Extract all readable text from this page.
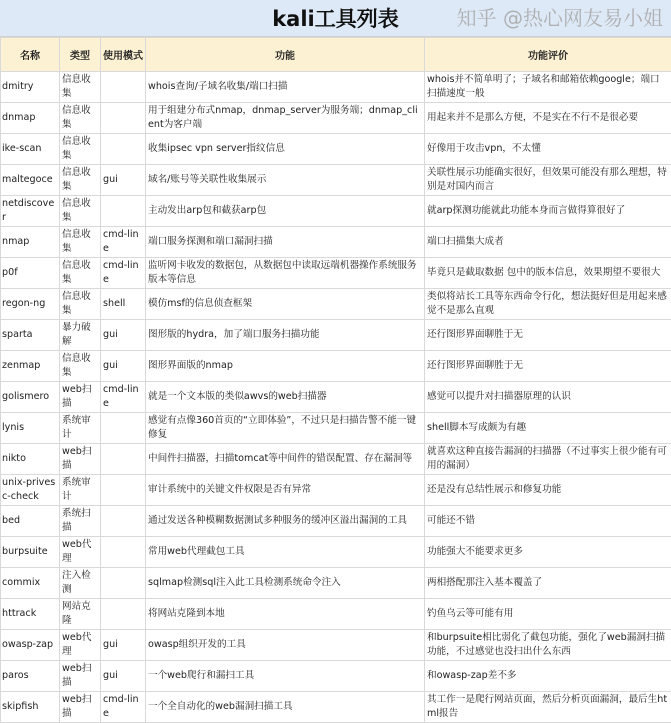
kali工具列表
名称	类型	使用模式	功能	功能评价
dmitry	信息收集		whois查询/子域名收集/端口扫描	whois并不简单明了；子域名和邮箱依赖google；端口扫描速度一般
dnmap	信息收集		用于组建分布式nmap，dnmap_server为服务端；dnmap_client为客户端	用起来并不是那么方便，不是实在不行不是很必要
ike-scan	信息收集		收集ipsec vpn server指纹信息	好像用于攻击vpn，不太懂
maltegoce	信息收集	gui	域名/账号等关联性收集展示	关联性展示功能确实很好，但效果可能没有那么理想，特别是对国内而言
netdiscover	信息收集		主动发出arp包和截获arp包	就arp探测功能就此功能本身而言做得算很好了
nmap	信息收集	cmd-line	端口服务探测和端口漏洞扫描	端口扫描集大成者
p0f	信息收集	cmd-line	监听网卡收发的数据包，从数据包中读取远端机器操作系统服务版本等信息	毕竟只是截取数据 包中的版本信息，效果期望不要很大
regon-ng	信息收集	shell	模仿msf的信息侦查框架	类似将站长工具等东西命令行化，想法挺好但是用起来感觉不是那么直观
sparta	暴力破解	gui	图形版的hydra，加了端口服务扫描功能	还行图形界面聊胜于无
zenmap	信息收集	gui	图形界面版的nmap	还行图形界面聊胜于无
golismero	web扫描	cmd-line	就是一个文本版的类似awvs的web扫描器	感觉可以提升对扫描器原理的认识
lynis	系统审计		感觉有点像360首页的“立即体验”，不过只是扫描告警不能一键修复	shell脚本写成颇为有趣
nikto	web扫描		中间件扫描器，扫描tomcat等中间件的错误配置、存在漏洞等	就喜欢这种直接告漏洞的扫描器（不过事实上很少能有可用的漏洞）
unix-privesc-check	系统审计		审计系统中的关键文件权限是否有异常	还是没有总结性展示和修复功能
bed	系统扫描		通过发送各种模糊数据测试多种服务的缓冲区溢出漏洞的工具	可能还不错
burpsuite	web代理		常用web代理截包工具	功能强大不能要求更多
commix	注入检测		sqlmap检测sql注入此工具检测系统命令注入	两相搭配那注入基本覆盖了
httrack	网站克隆		将网站克隆到本地	钓鱼乌云等可能有用
owasp-zap	web代理	gui	owasp组织开发的工具	和burpsuite相比弱化了截包功能，强化了web漏洞扫描功能，不过感觉也没扫出什么东西
paros	web扫描	gui	一个web爬行和漏扫工具	和owasp-zap差不多
skipfish	web扫描	cmd-line	一个全自动化的web漏洞扫描工具	其工作一是爬行网站页面，然后分析页面漏洞，最后生html报告
知乎 @热心网友易小姐
